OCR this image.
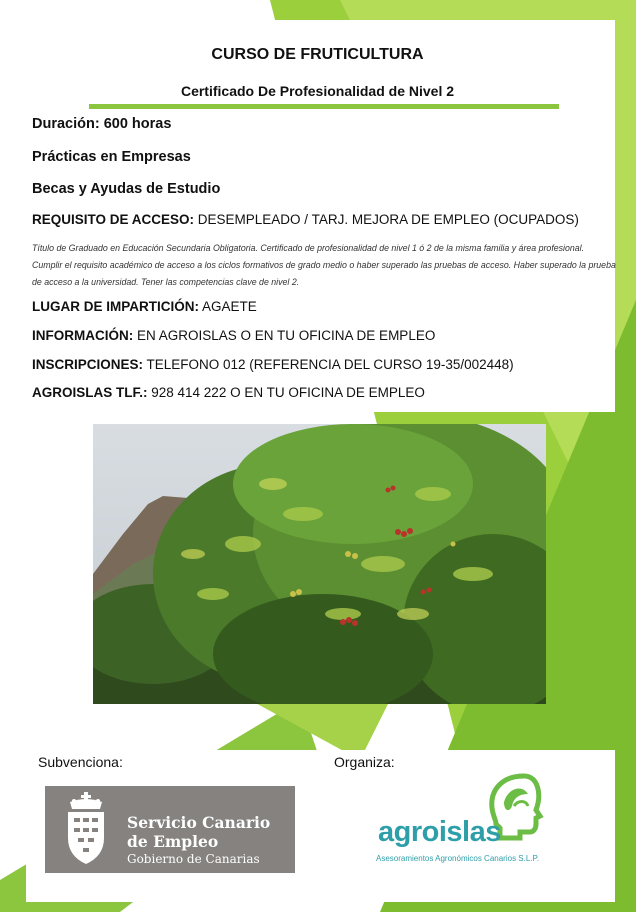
CURSO DE FRUTICULTURA
Certificado De Profesionalidad de Nivel 2

Duración: 600 horas

Prácticas en Empresas

Becas y Ayudas de Estudio

REQUISITO DE ACCESO: DESEMPLEADO / TARJ. MEJORA DE EMPLEO (OCUPADOS)

Título de Graduado en Educación Secundaria Obligatoria. Certificado de profesionalidad de nivel 1 ó 2 de la misma familia y área profesional. Cumplir el requisito académico de acceso a los ciclos formativos de grado medio o haber superado las pruebas de acceso. Haber superado la prueba de acceso a la universidad. Tener las competencias clave de nivel 2.

LUGAR DE IMPARTICIÓN: AGAETE

INFORMACIÓN: EN AGROISLAS O EN TU OFICINA DE EMPLEO

INSCRIPCIONES: TELEFONO 012 (REFERENCIA DEL CURSO 19-35/002448)

AGROISLAS TLF.: 928 414 222 O EN TU OFICINA DE EMPLEO

Subvenciona:	Organiza:

Servicio Canario

de Empleo

Gobierno de Canarias

agroislas

Asesoramientos Agronómicos Canarios S.L.P.
